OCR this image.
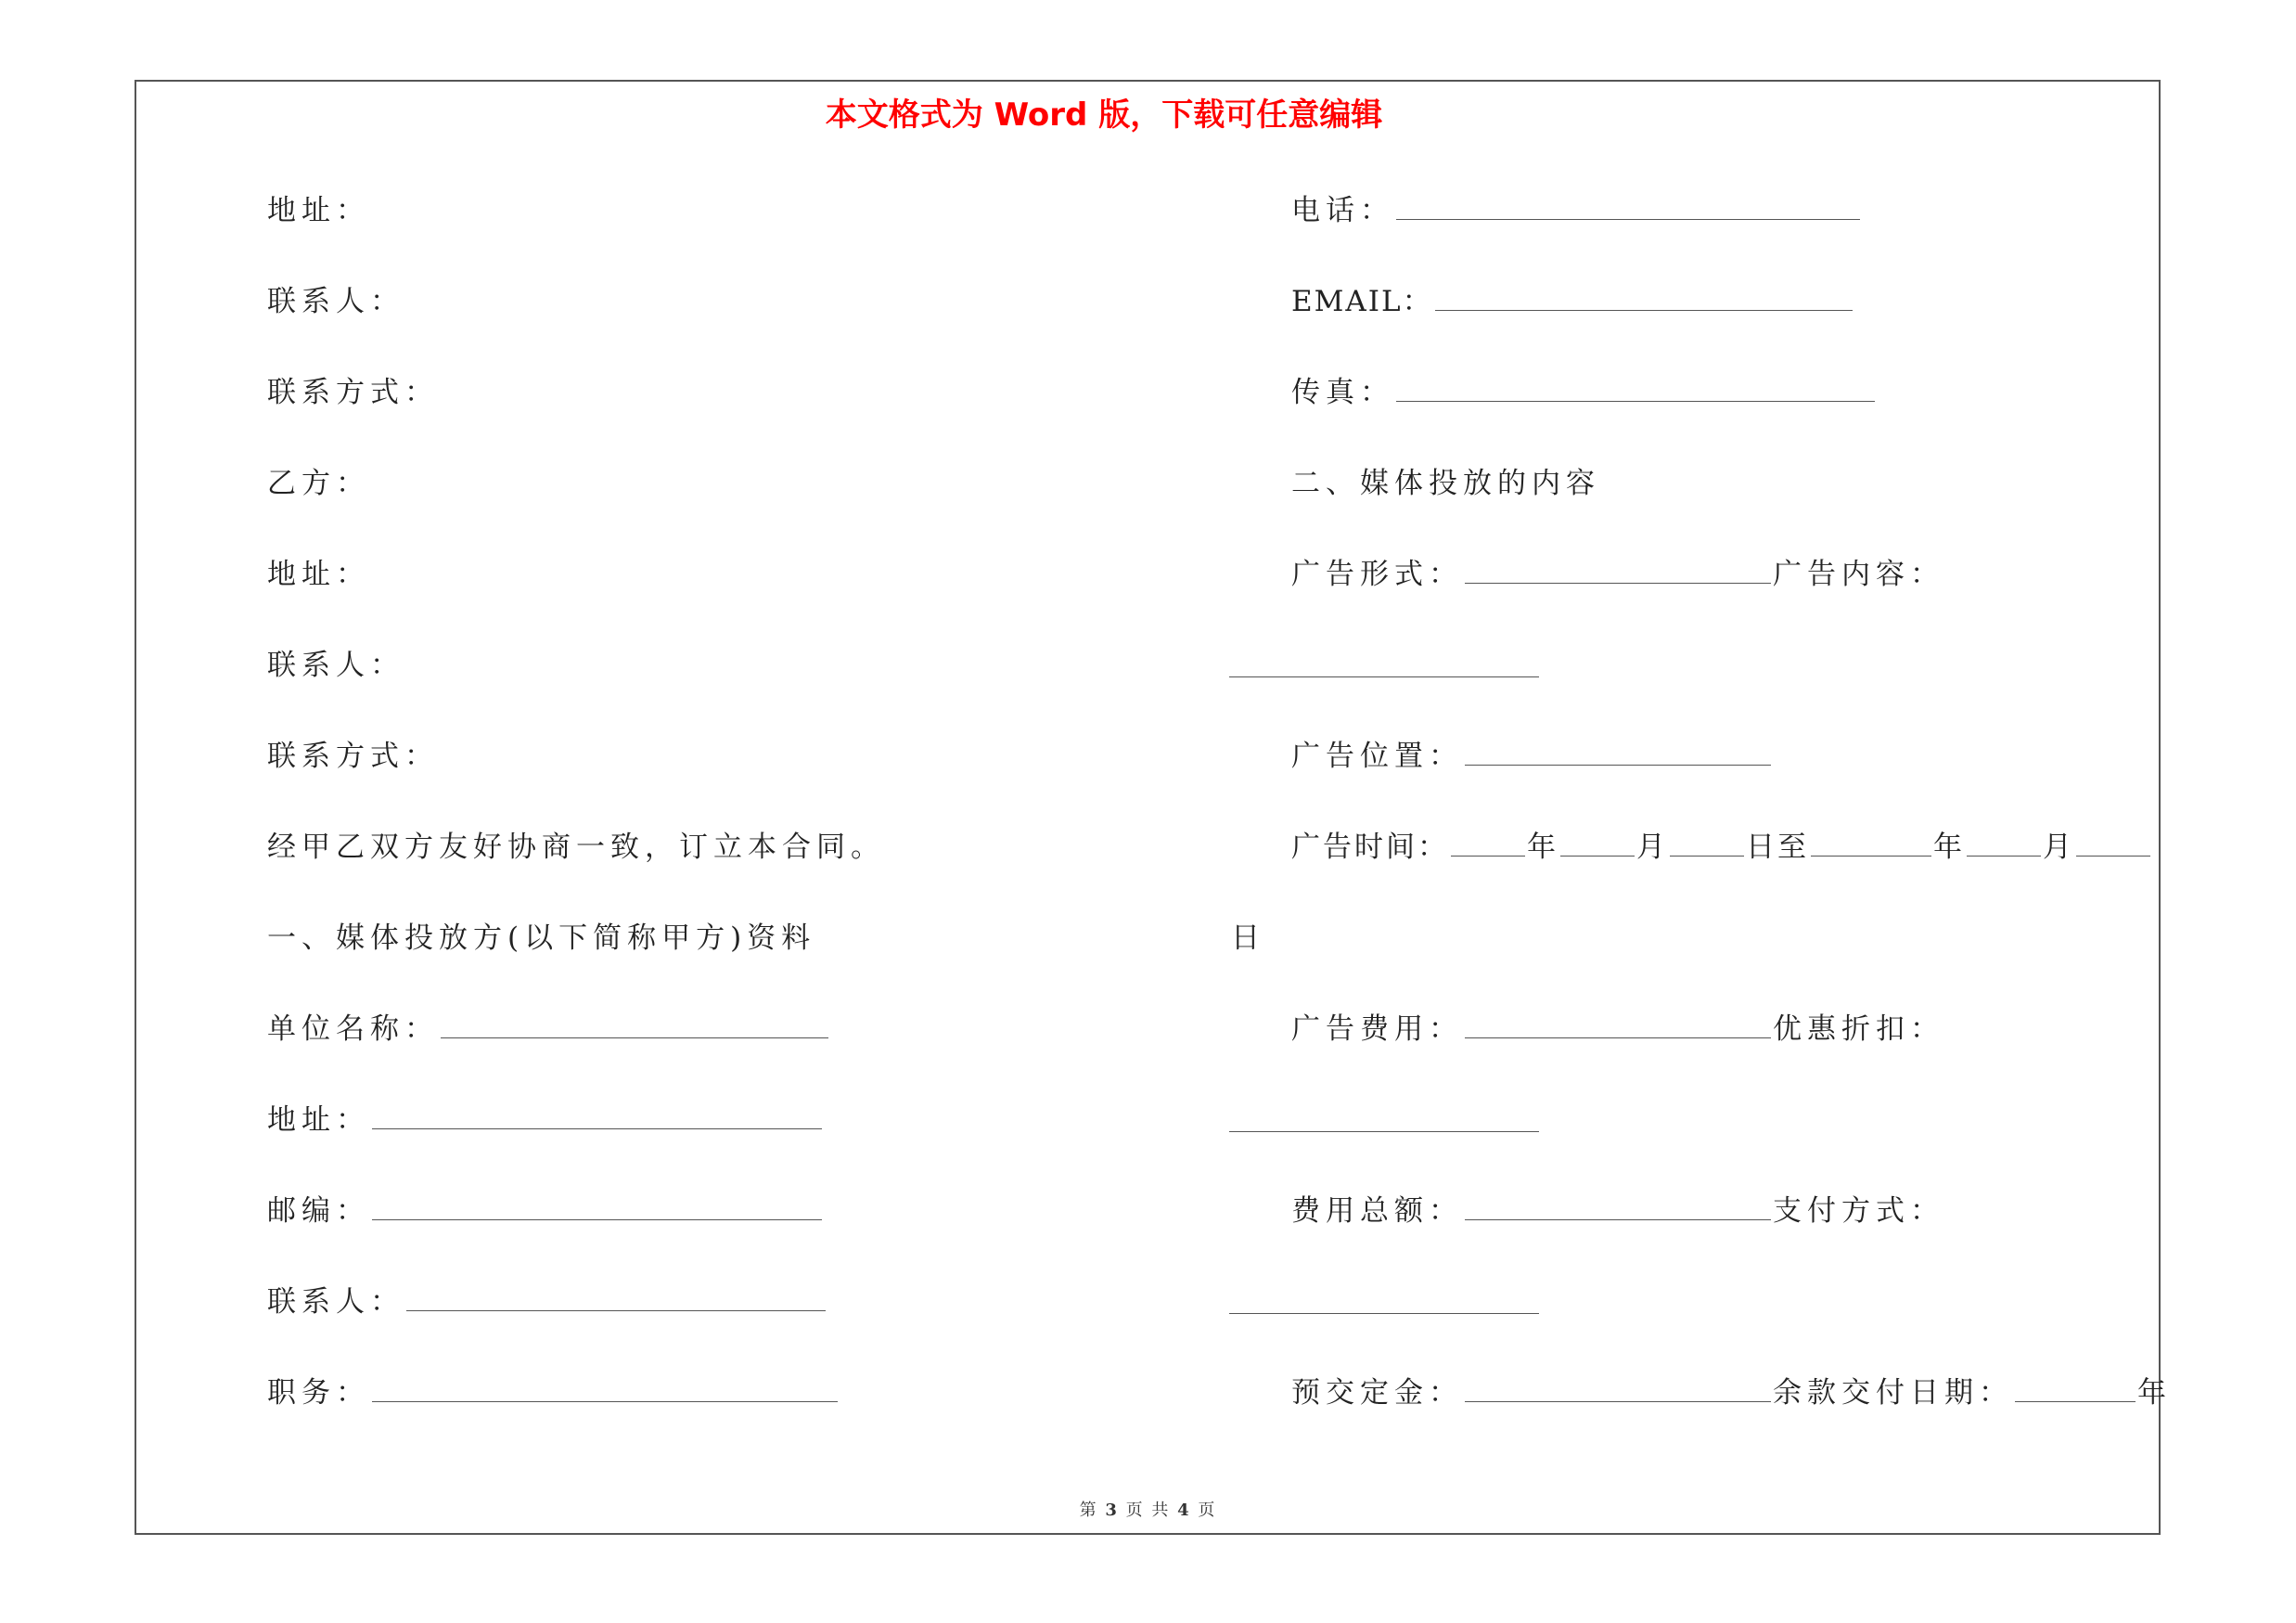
本文格式为 Word 版，下载可任意编辑
地址：
联系人：
联系方式：
乙方：
地址：
联系人：
联系方式：
经甲乙双方友好协商一致，订立本合同。
一、媒体投放方(以下简称甲方)资料
单位名称：
地址：
邮编：
联系人：
职务：
电话：
EMAIL：
传真：
二、媒体投放的内容
广告形式：	广告内容：
广告位置：
广告时间：	年	月	日至	年	月
日
广告费用：	优惠折扣：
费用总额：	支付方式：
预交定金：	余款交付日期：	年
第 3 页 共 4 页
